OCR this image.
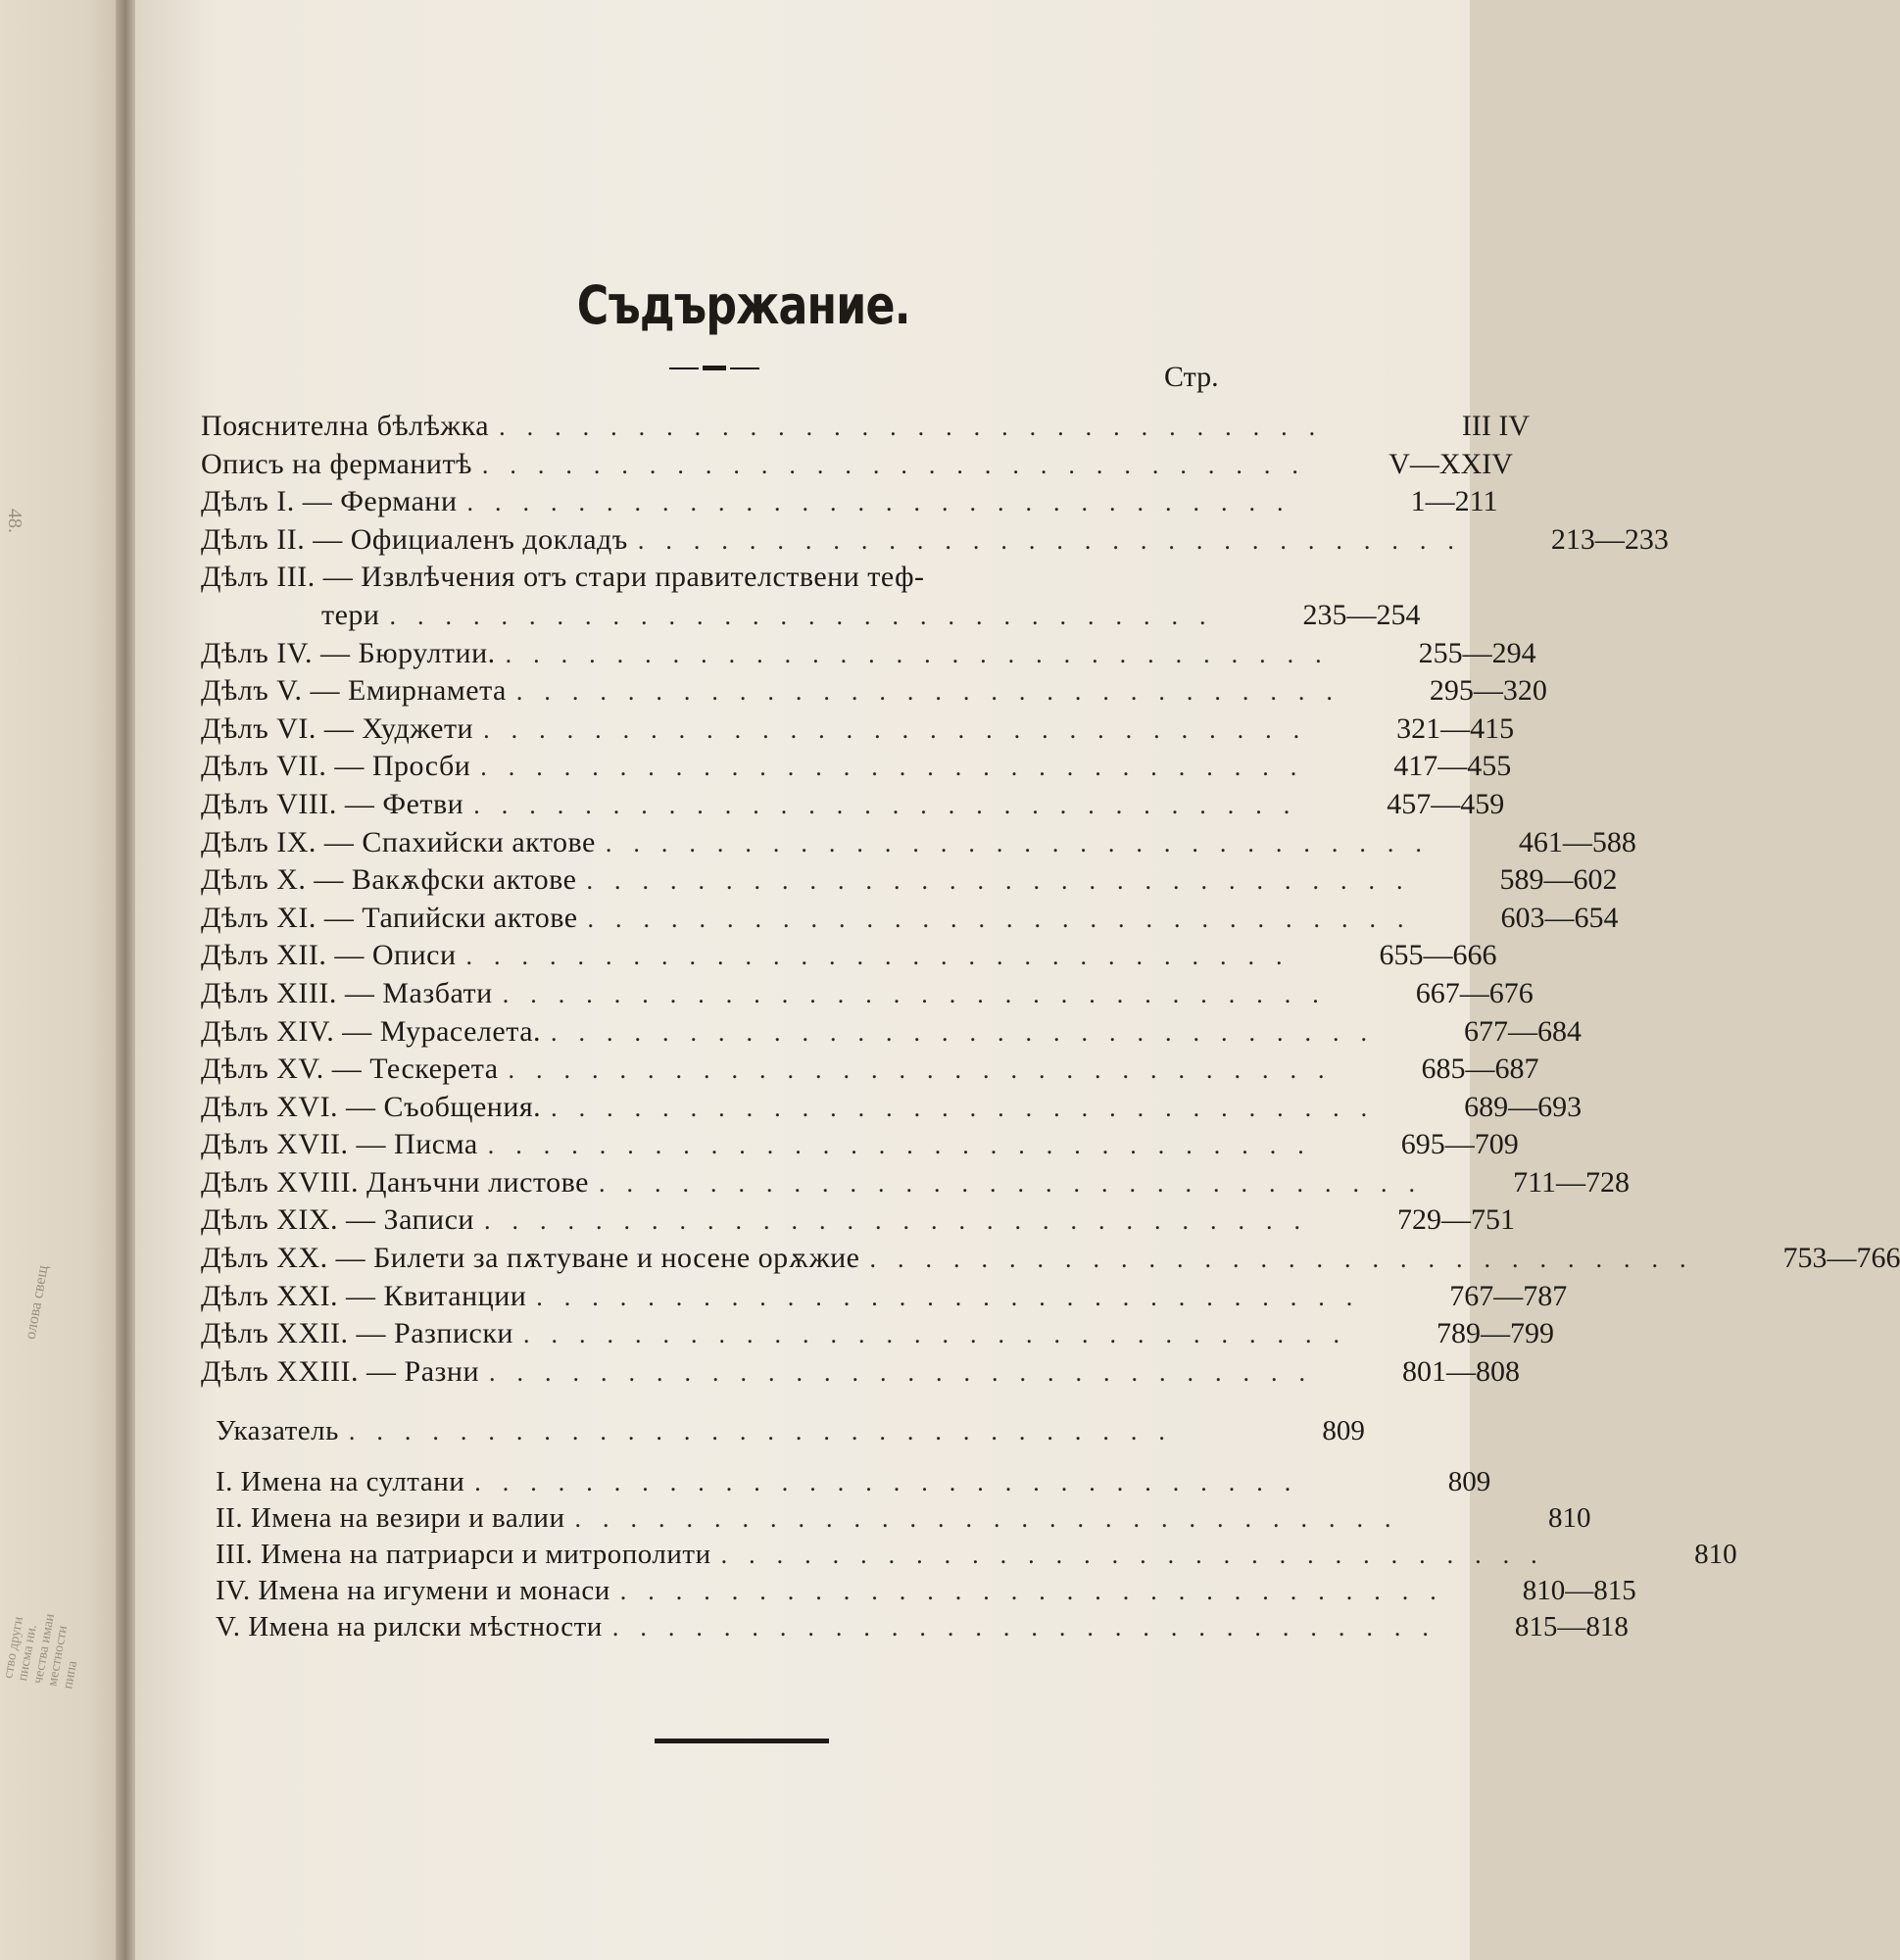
48.
олова свещ
ство други писма ни. чества имаи местности пипа
Съдържание.
Стр.
Пояснителна бѣлѣжка ..............................	III IV
Описъ на ферманитѣ ..............................	V—XXIV
Дѣлъ I. — Фермани ..............................	1—211
Дѣлъ II. — Официаленъ докладъ ..............................	213—233
Дѣлъ III. — Извлѣчения отъ стари правителствени теф-
тери ..............................	235—254
Дѣлъ IV. — Бюрултии. ..............................	255—294
Дѣлъ V. — Емирнамета ..............................	295—320
Дѣлъ VI. — Худжети ..............................	321—415
Дѣлъ VII. — Просби ..............................	417—455
Дѣлъ VIII. — Фетви ..............................	457—459
Дѣлъ IX. — Спахийски актове ..............................	461—588
Дѣлъ X. — Вакѫфски актове ..............................	589—602
Дѣлъ XI. — Тапийски актове ..............................	603—654
Дѣлъ XII. — Описи ..............................	655—666
Дѣлъ XIII. — Мазбати ..............................	667—676
Дѣлъ XIV. — Мураселета. ..............................	677—684
Дѣлъ XV. — Тескерета ..............................	685—687
Дѣлъ XVI. — Съобщения. ..............................	689—693
Дѣлъ XVII. — Писма ..............................	695—709
Дѣлъ XVIII. Данъчни листове ..............................	711—728
Дѣлъ XIX. — Записи ..............................	729—751
Дѣлъ XX. — Билети за пѫтуване и носене орѫжие ..............................	753—766
Дѣлъ XXI. — Квитанции ..............................	767—787
Дѣлъ XXII. — Разписки ..............................	789—799
Дѣлъ XXIII. — Разни ..............................	801—808
Указатель ..............................	809
I. Имена на султани ..............................	809
II. Имена на везири и валии ..............................	810
III. Имена на патриарси и митрополити ..............................	810
IV. Имена на игумени и монаси ..............................	810—815
V. Имена на рилски мѣстности ..............................	815—818
